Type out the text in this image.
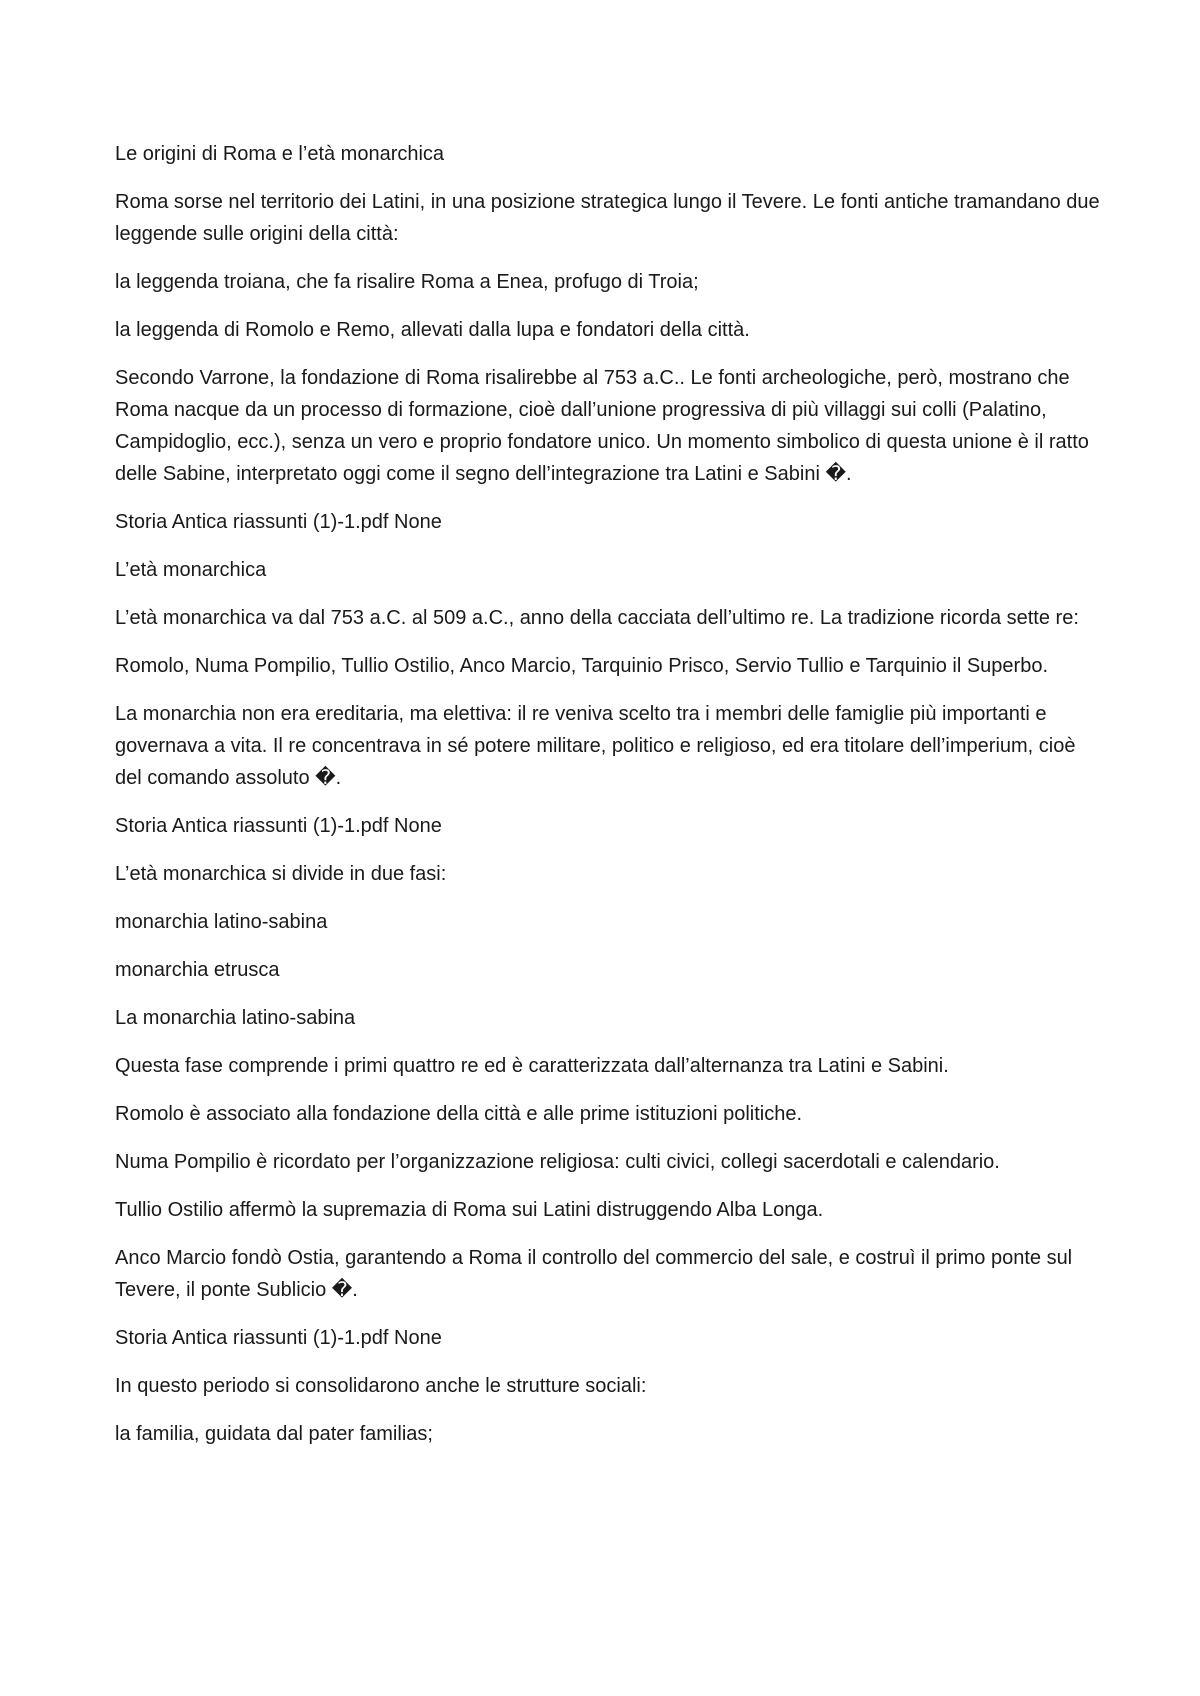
Le origini di Roma e l’età monarchica

Roma sorse nel territorio dei Latini, in una posizione strategica lungo il Tevere. Le fonti antiche tramandano due leggende sulle origini della città:

la leggenda troiana, che fa risalire Roma a Enea, profugo di Troia;

la leggenda di Romolo e Remo, allevati dalla lupa e fondatori della città.

Secondo Varrone, la fondazione di Roma risalirebbe al 753 a.C.. Le fonti archeologiche, però, mostrano che Roma nacque da un processo di formazione, cioè dall’unione progressiva di più villaggi sui colli (Palatino, Campidoglio, ecc.), senza un vero e proprio fondatore unico. Un momento simbolico di questa unione è il ratto delle Sabine, interpretato oggi come il segno dell’integrazione tra Latini e Sabini �.

Storia Antica riassunti (1)-1.pdf None

L’età monarchica

L’età monarchica va dal 753 a.C. al 509 a.C., anno della cacciata dell’ultimo re. La tradizione ricorda sette re:

Romolo, Numa Pompilio, Tullio Ostilio, Anco Marcio, Tarquinio Prisco, Servio Tullio e Tarquinio il Superbo.

La monarchia non era ereditaria, ma elettiva: il re veniva scelto tra i membri delle famiglie più importanti e governava a vita. Il re concentrava in sé potere militare, politico e religioso, ed era titolare dell’imperium, cioè del comando assoluto �.

Storia Antica riassunti (1)-1.pdf None

L’età monarchica si divide in due fasi:

monarchia latino-sabina

monarchia etrusca

La monarchia latino-sabina

Questa fase comprende i primi quattro re ed è caratterizzata dall’alternanza tra Latini e Sabini.

Romolo è associato alla fondazione della città e alle prime istituzioni politiche.

Numa Pompilio è ricordato per l’organizzazione religiosa: culti civici, collegi sacerdotali e calendario.

Tullio Ostilio affermò la supremazia di Roma sui Latini distruggendo Alba Longa.

Anco Marcio fondò Ostia, garantendo a Roma il controllo del commercio del sale, e costruì il primo ponte sul Tevere, il ponte Sublicio �.

Storia Antica riassunti (1)-1.pdf None

In questo periodo si consolidarono anche le strutture sociali:

la familia, guidata dal pater familias;
